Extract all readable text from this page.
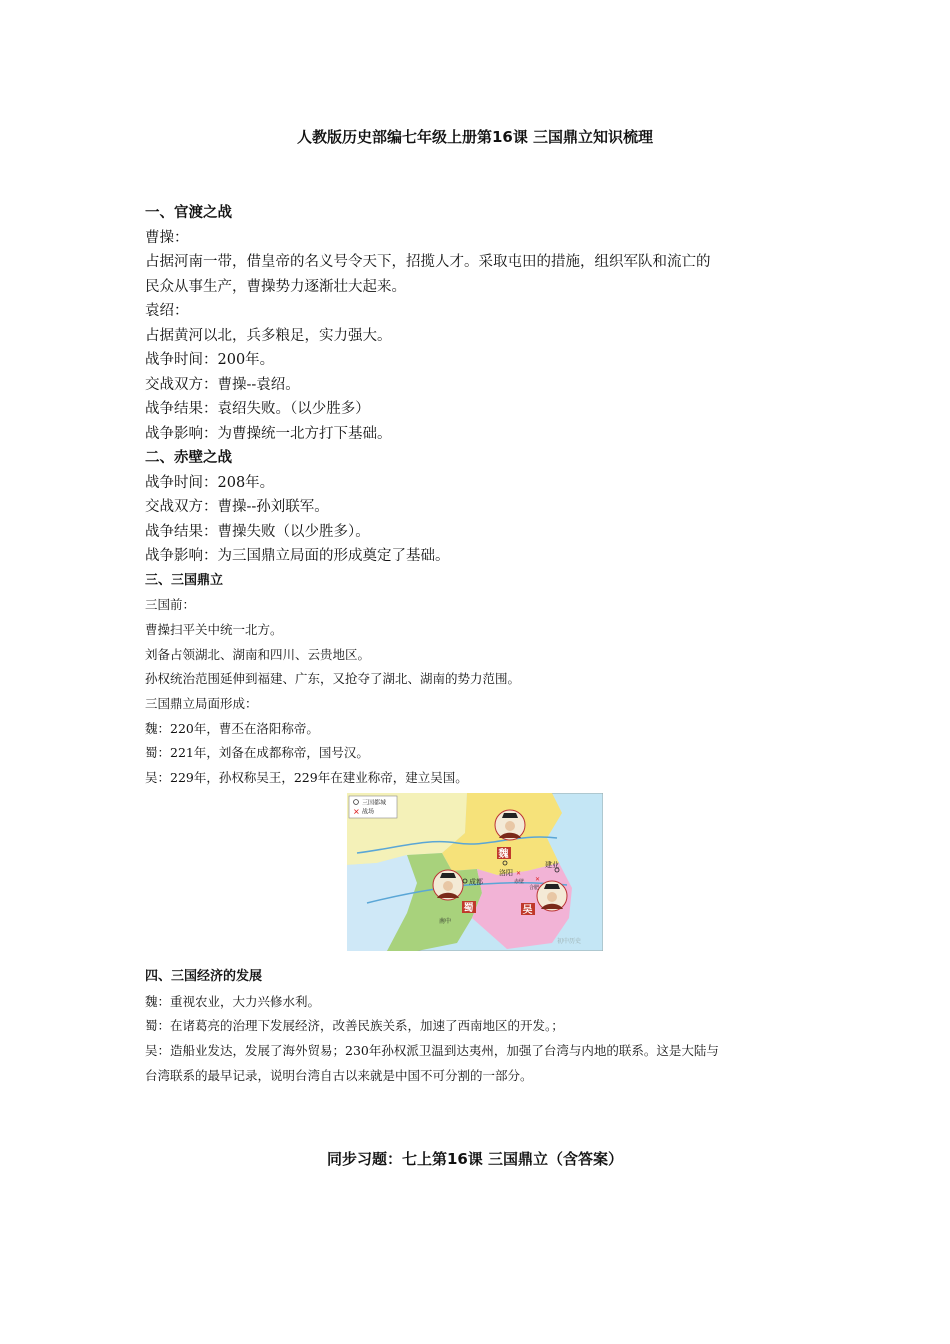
人教版历史部编七年级上册第16课 三国鼎立知识梳理
一、官渡之战

曹操：

占据河南一带，借皇帝的名义号令天下，招揽人才。采取屯田的措施，组织军队和流亡的

民众从事生产，曹操势力逐渐壮大起来。

袁绍：

占据黄河以北，兵多粮足，实力强大。

战争时间：200年。

交战双方：曹操--袁绍。

战争结果：袁绍失败。（以少胜多）

战争影响：为曹操统一北方打下基础。

二、赤壁之战

战争时间：208年。

交战双方：曹操--孙刘联军。

战争结果：曹操失败（以少胜多）。

战争影响：为三国鼎立局面的形成奠定了基础。

三、三国鼎立

三国前：

曹操扫平关中统一北方。

刘备占领湖北、湖南和四川、云贵地区。

孙权统治范围延伸到福建、广东，又抢夺了湖北、湖南的势力范围。

三国鼎立局面形成：

魏：220年，曹丕在洛阳称帝。

蜀：221年，刘备在成都称帝，国号汉。

吴：229年，孙权称吴王，229年在建业称帝，建立吴国。

三国都城
✕ 战场
魏
蜀	吴
洛阳
成都
建业
✕
合肥
✕
赤壁
南中
初中历史
四、三国经济的发展

魏：重视农业，大力兴修水利。

蜀：在诸葛亮的治理下发展经济，改善民族关系，加速了西南地区的开发。；

吴：造船业发达，发展了海外贸易；230年孙权派卫温到达夷州，加强了台湾与内地的联系。这是大陆与

台湾联系的最早记录，说明台湾自古以来就是中国不可分割的一部分。

同步习题：七上第16课 三国鼎立（含答案）
